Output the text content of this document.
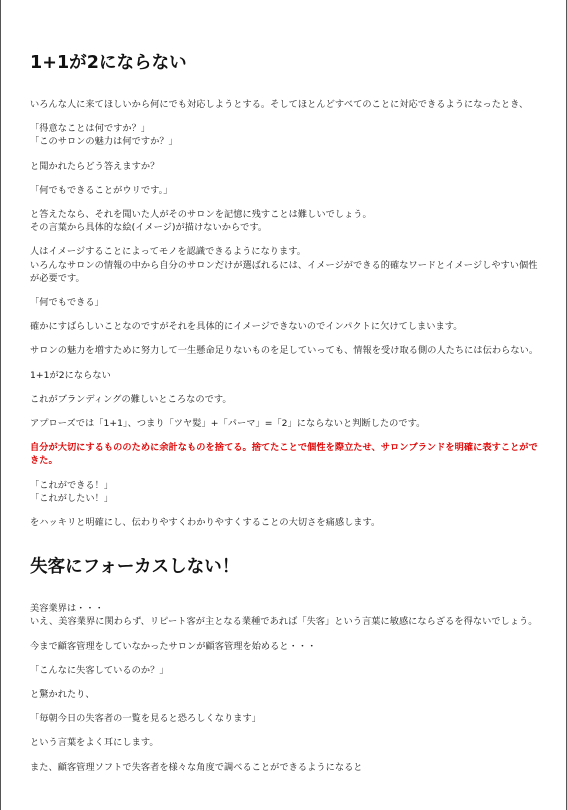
1+1が2にならない

いろんな人に来てほしいから何にでも対応しようとする。そしてほとんどすべてのことに対応できるようになったとき、

「得意なことは何ですか？」

「このサロンの魅力は何ですか？」

と聞かれたらどう答えますか？

「何でもできることがウリです。」

と答えたなら、それを聞いた人がそのサロンを記憶に残すことは難しいでしょう。

その言葉から具体的な絵(イメージ)が描けないからです。

人はイメージすることによってモノを認識できるようになります。

いろんなサロンの情報の中から自分のサロンだけが選ばれるには、イメージができる的確なワードとイメージしやすい個性が必要です。

「何でもできる」

確かにすばらしいことなのですがそれを具体的にイメージできないのでインパクトに欠けてしまいます。

サロンの魅力を増すために努力して一生懸命足りないものを足していっても、情報を受け取る側の人たちには伝わらない。

1+1が2にならない

これがブランディングの難しいところなのです。

アプローズでは「1+1」、つまり「ツヤ髪」+「パーマ」=「2」にならないと判断したのです。

自分が大切にするもののために余計なものを捨てる。捨てたことで個性を際立たせ、サロンブランドを明確に表すことができた。

「これができる！」

「これがしたい！」

をハッキリと明確にし、伝わりやすくわかりやすくすることの大切さを痛感します。

失客にフォーカスしない！

美容業界は・・・

いえ、美容業界に関わらず、リピート客が主となる業種であれば「失客」という言葉に敏感にならざるを得ないでしょう。

今まで顧客管理をしていなかったサロンが顧客管理を始めると・・・

「こんなに失客しているのか？」

と驚かれたり、

「毎朝今日の失客者の一覧を見ると恐ろしくなります」

という言葉をよく耳にします。

また、顧客管理ソフトで失客者を様々な角度で調べることができるようになると
